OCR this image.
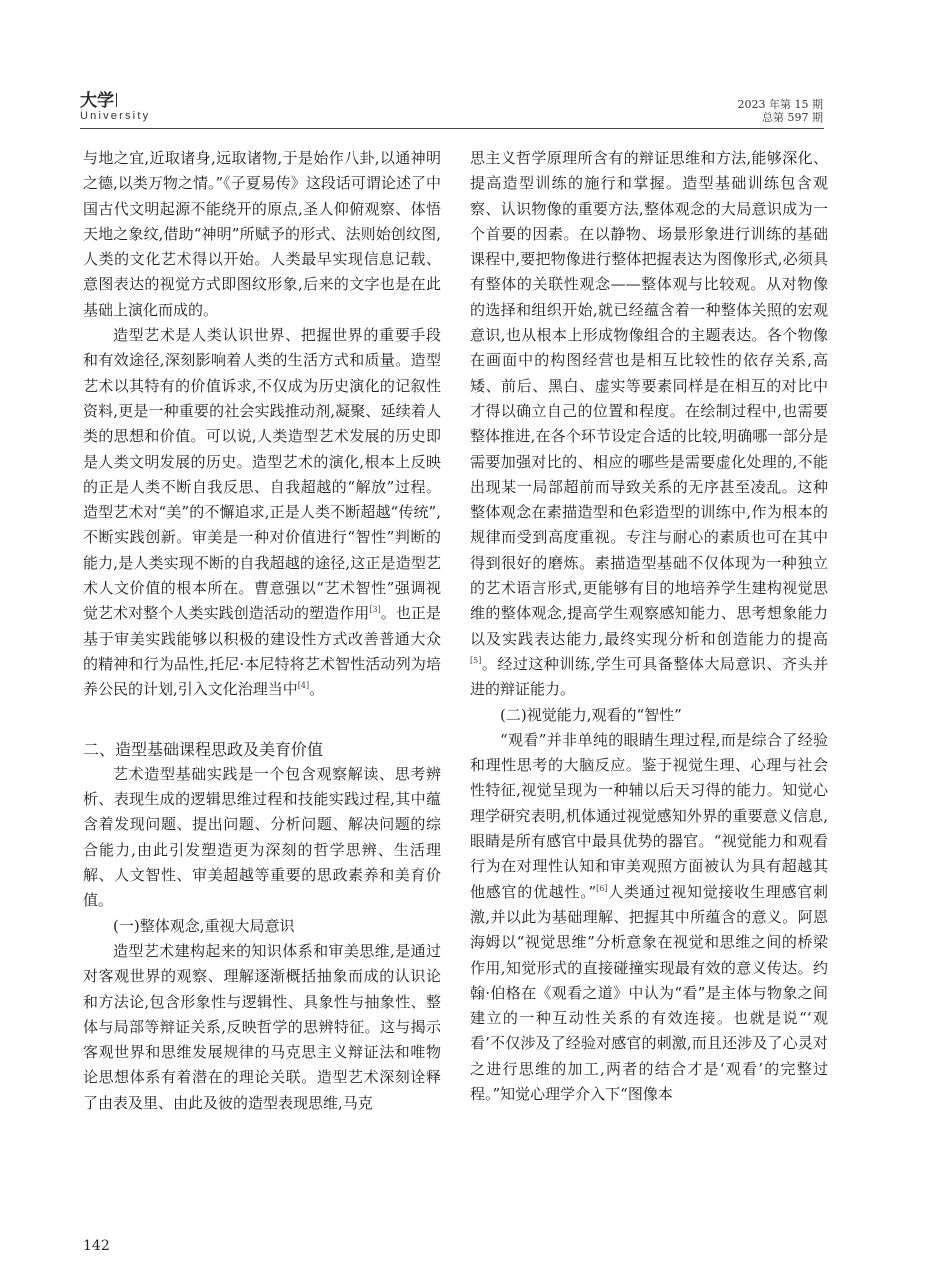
大学
University
2023 年第 15 期
总第 597 期

与地之宜,近取诸身,远取诸物,于是始作八卦,以通神明之德,以类万物之情。”《子夏易传》这段话可谓论述了中国古代文明起源不能绕开的原点,圣人仰俯观察、体悟天地之象纹,借助“神明”所赋予的形式、法则始创纹图,人类的文化艺术得以开始。人类最早实现信息记载、意图表达的视觉方式即图纹形象,后来的文字也是在此基础上演化而成的。

造型艺术是人类认识世界、把握世界的重要手段和有效途径,深刻影响着人类的生活方式和质量。造型艺术以其特有的价值诉求,不仅成为历史演化的记叙性资料,更是一种重要的社会实践推动剂,凝聚、延续着人类的思想和价值。可以说,人类造型艺术发展的历史即是人类文明发展的历史。造型艺术的演化,根本上反映的正是人类不断自我反思、自我超越的“解放”过程。造型艺术对“美”的不懈追求,正是人类不断超越“传统”,不断实践创新。审美是一种对价值进行“智性”判断的能力,是人类实现不断的自我超越的途径,这正是造型艺术人文价值的根本所在。曹意强以“艺术智性”强调视觉艺术对整个人类实践创造活动的塑造作用[3]。也正是基于审美实践能够以积极的建设性方式改善普通大众的精神和行为品性,托尼·本尼特将艺术智性活动列为培养公民的计划,引入文化治理当中[4]。

二、造型基础课程思政及美育价值

艺术造型基础实践是一个包含观察解读、思考辨析、表现生成的逻辑思维过程和技能实践过程,其中蕴含着发现问题、提出问题、分析问题、解决问题的综合能力,由此引发塑造更为深刻的哲学思辨、生活理解、人文智性、审美超越等重要的思政素养和美育价值。

(一)整体观念,重视大局意识

造型艺术建构起来的知识体系和审美思维,是通过对客观世界的观察、理解逐渐概括抽象而成的认识论和方法论,包含形象性与逻辑性、具象性与抽象性、整体与局部等辩证关系,反映哲学的思辨特征。这与揭示客观世界和思维发展规律的马克思主义辩证法和唯物论思想体系有着潜在的理论关联。造型艺术深刻诠释了由表及里、由此及彼的造型表现思维,马克

思主义哲学原理所含有的辩证思维和方法,能够深化、提高造型训练的施行和掌握。造型基础训练包含观察、认识物像的重要方法,整体观念的大局意识成为一个首要的因素。在以静物、场景形象进行训练的基础课程中,要把物像进行整体把握表达为图像形式,必须具有整体的关联性观念——整体观与比较观。从对物像的选择和组织开始,就已经蕴含着一种整体关照的宏观意识,也从根本上形成物像组合的主题表达。各个物像在画面中的构图经营也是相互比较性的依存关系,高矮、前后、黑白、虚实等要素同样是在相互的对比中才得以确立自己的位置和程度。在绘制过程中,也需要整体推进,在各个环节设定合适的比较,明确哪一部分是需要加强对比的、相应的哪些是需要虚化处理的,不能出现某一局部超前而导致关系的无序甚至凌乱。这种整体观念在素描造型和色彩造型的训练中,作为根本的规律而受到高度重视。专注与耐心的素质也可在其中得到很好的磨炼。素描造型基础不仅体现为一种独立的艺术语言形式,更能够有目的地培养学生建构视觉思维的整体观念,提高学生观察感知能力、思考想象能力以及实践表达能力,最终实现分析和创造能力的提高[5]。经过这种训练,学生可具备整体大局意识、齐头并进的辩证能力。

(二)视觉能力,观看的“智性”

“观看”并非单纯的眼睛生理过程,而是综合了经验和理性思考的大脑反应。鉴于视觉生理、心理与社会性特征,视觉呈现为一种辅以后天习得的能力。知觉心理学研究表明,机体通过视觉感知外界的重要意义信息,眼睛是所有感官中最具优势的器官。“视觉能力和观看行为在对理性认知和审美观照方面被认为具有超越其他感官的优越性。”[6]人类通过视知觉接收生理感官刺激,并以此为基础理解、把握其中所蕴含的意义。阿恩海姆以“视觉思维”分析意象在视觉和思维之间的桥梁作用,知觉形式的直接碰撞实现最有效的意义传达。约翰·伯格在《观看之道》中认为“看”是主体与物象之间建立的一种互动性关系的有效连接。也就是说“‘观看’不仅涉及了经验对感官的刺激,而且还涉及了心灵对之进行思维的加工,两者的结合才是‘观看’的完整过程。”知觉心理学介入下“图像本

142
